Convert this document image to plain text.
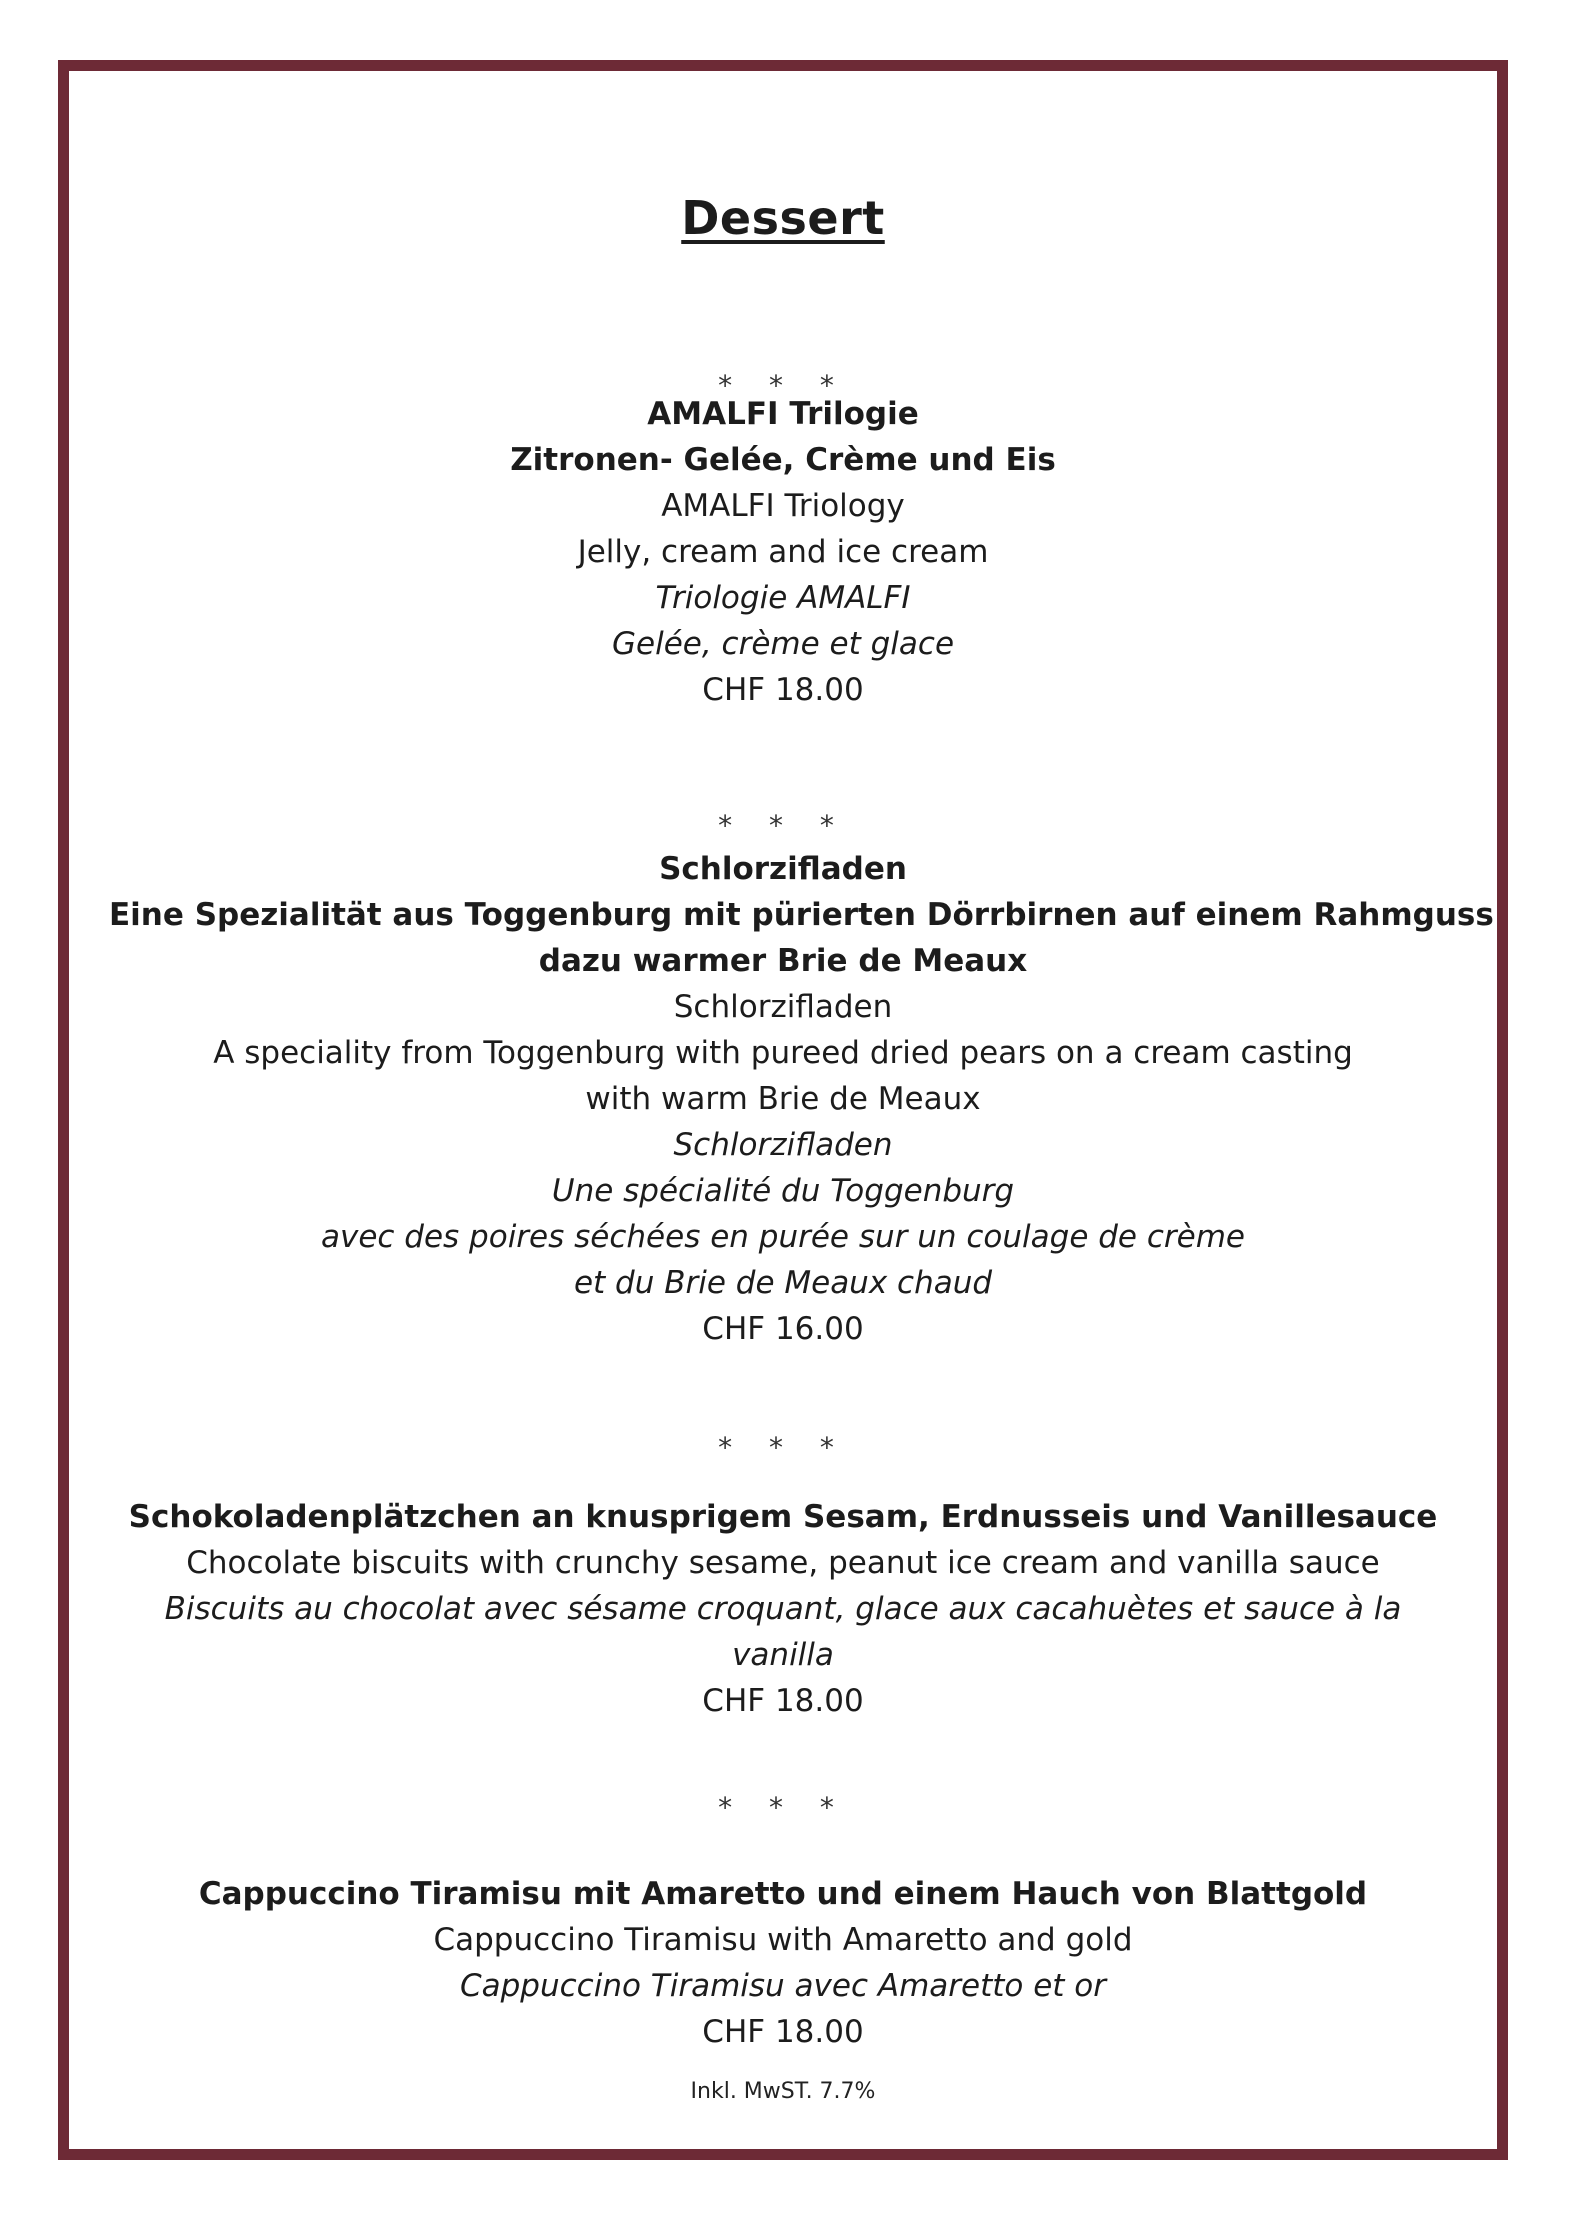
Dessert
* * *
AMALFI Trilogie
Zitronen- Gelée, Crème und Eis
AMALFI Triology
Jelly, cream and ice cream
Triologie AMALFI
Gelée, crème et glace
CHF 18.00
* * *
Schlorzifladen
Eine Spezialität aus Toggenburg mit pürierten Dörrbirnen auf einem Rahmguss
dazu warmer Brie de Meaux
Schlorzifladen
A speciality from Toggenburg with pureed dried pears on a cream casting
with warm Brie de Meaux
Schlorzifladen
Une spécialité du Toggenburg
avec des poires séchées en purée sur un coulage de crème
et du Brie de Meaux chaud
CHF 16.00
* * *
Schokoladenplätzchen an knusprigem Sesam, Erdnusseis und Vanillesauce
Chocolate biscuits with crunchy sesame, peanut ice cream and vanilla sauce
Biscuits au chocolat avec sésame croquant, glace aux cacahuètes et sauce à la
vanilla
CHF 18.00
* * *
Cappuccino Tiramisu mit Amaretto und einem Hauch von Blattgold
Cappuccino Tiramisu with Amaretto and gold
Cappuccino Tiramisu avec Amaretto et or
CHF 18.00
Inkl. MwST. 7.7%
